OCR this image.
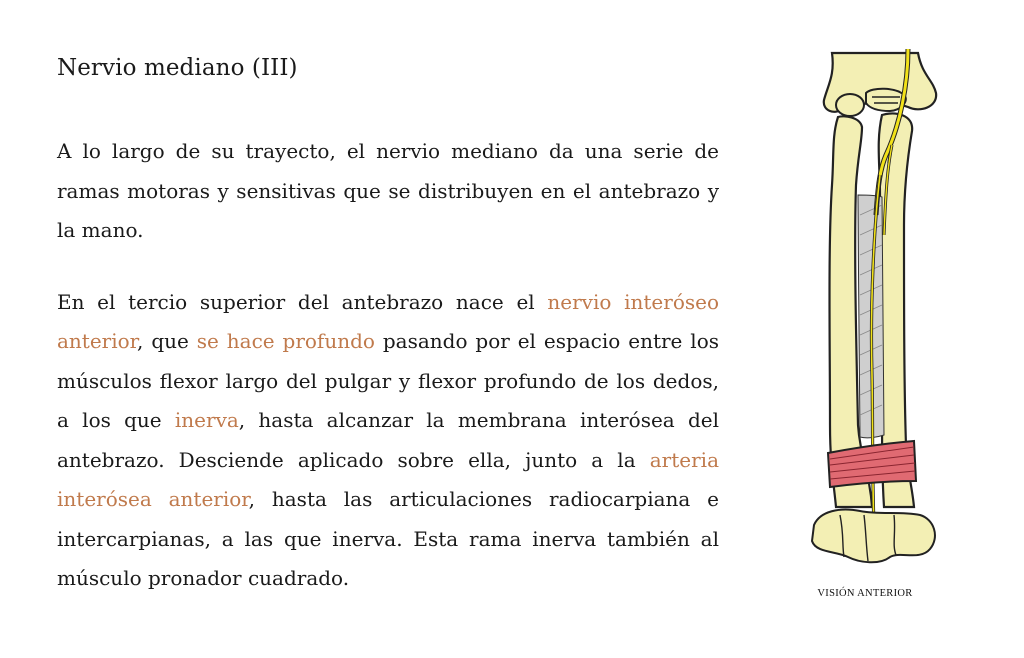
Nervio mediano (III)

A lo largo de su trayecto, el nervio mediano da una serie de ramas motoras y sensitivas que se distribuyen en el antebrazo y la mano.

En el tercio superior del antebrazo nace el nervio interóseo anterior, que se hace profundo pasando por el espacio entre los músculos flexor largo del pulgar y flexor profundo de los dedos, a los que inerva, hasta alcanzar la membrana interósea del antebrazo. Desciende aplicado sobre ella, junto a la arteria interósea anterior, hasta las articulaciones radiocarpiana e intercarpianas, a las que inerva. Esta rama inerva también al músculo pronador cuadrado.

VISIÓN ANTERIOR
